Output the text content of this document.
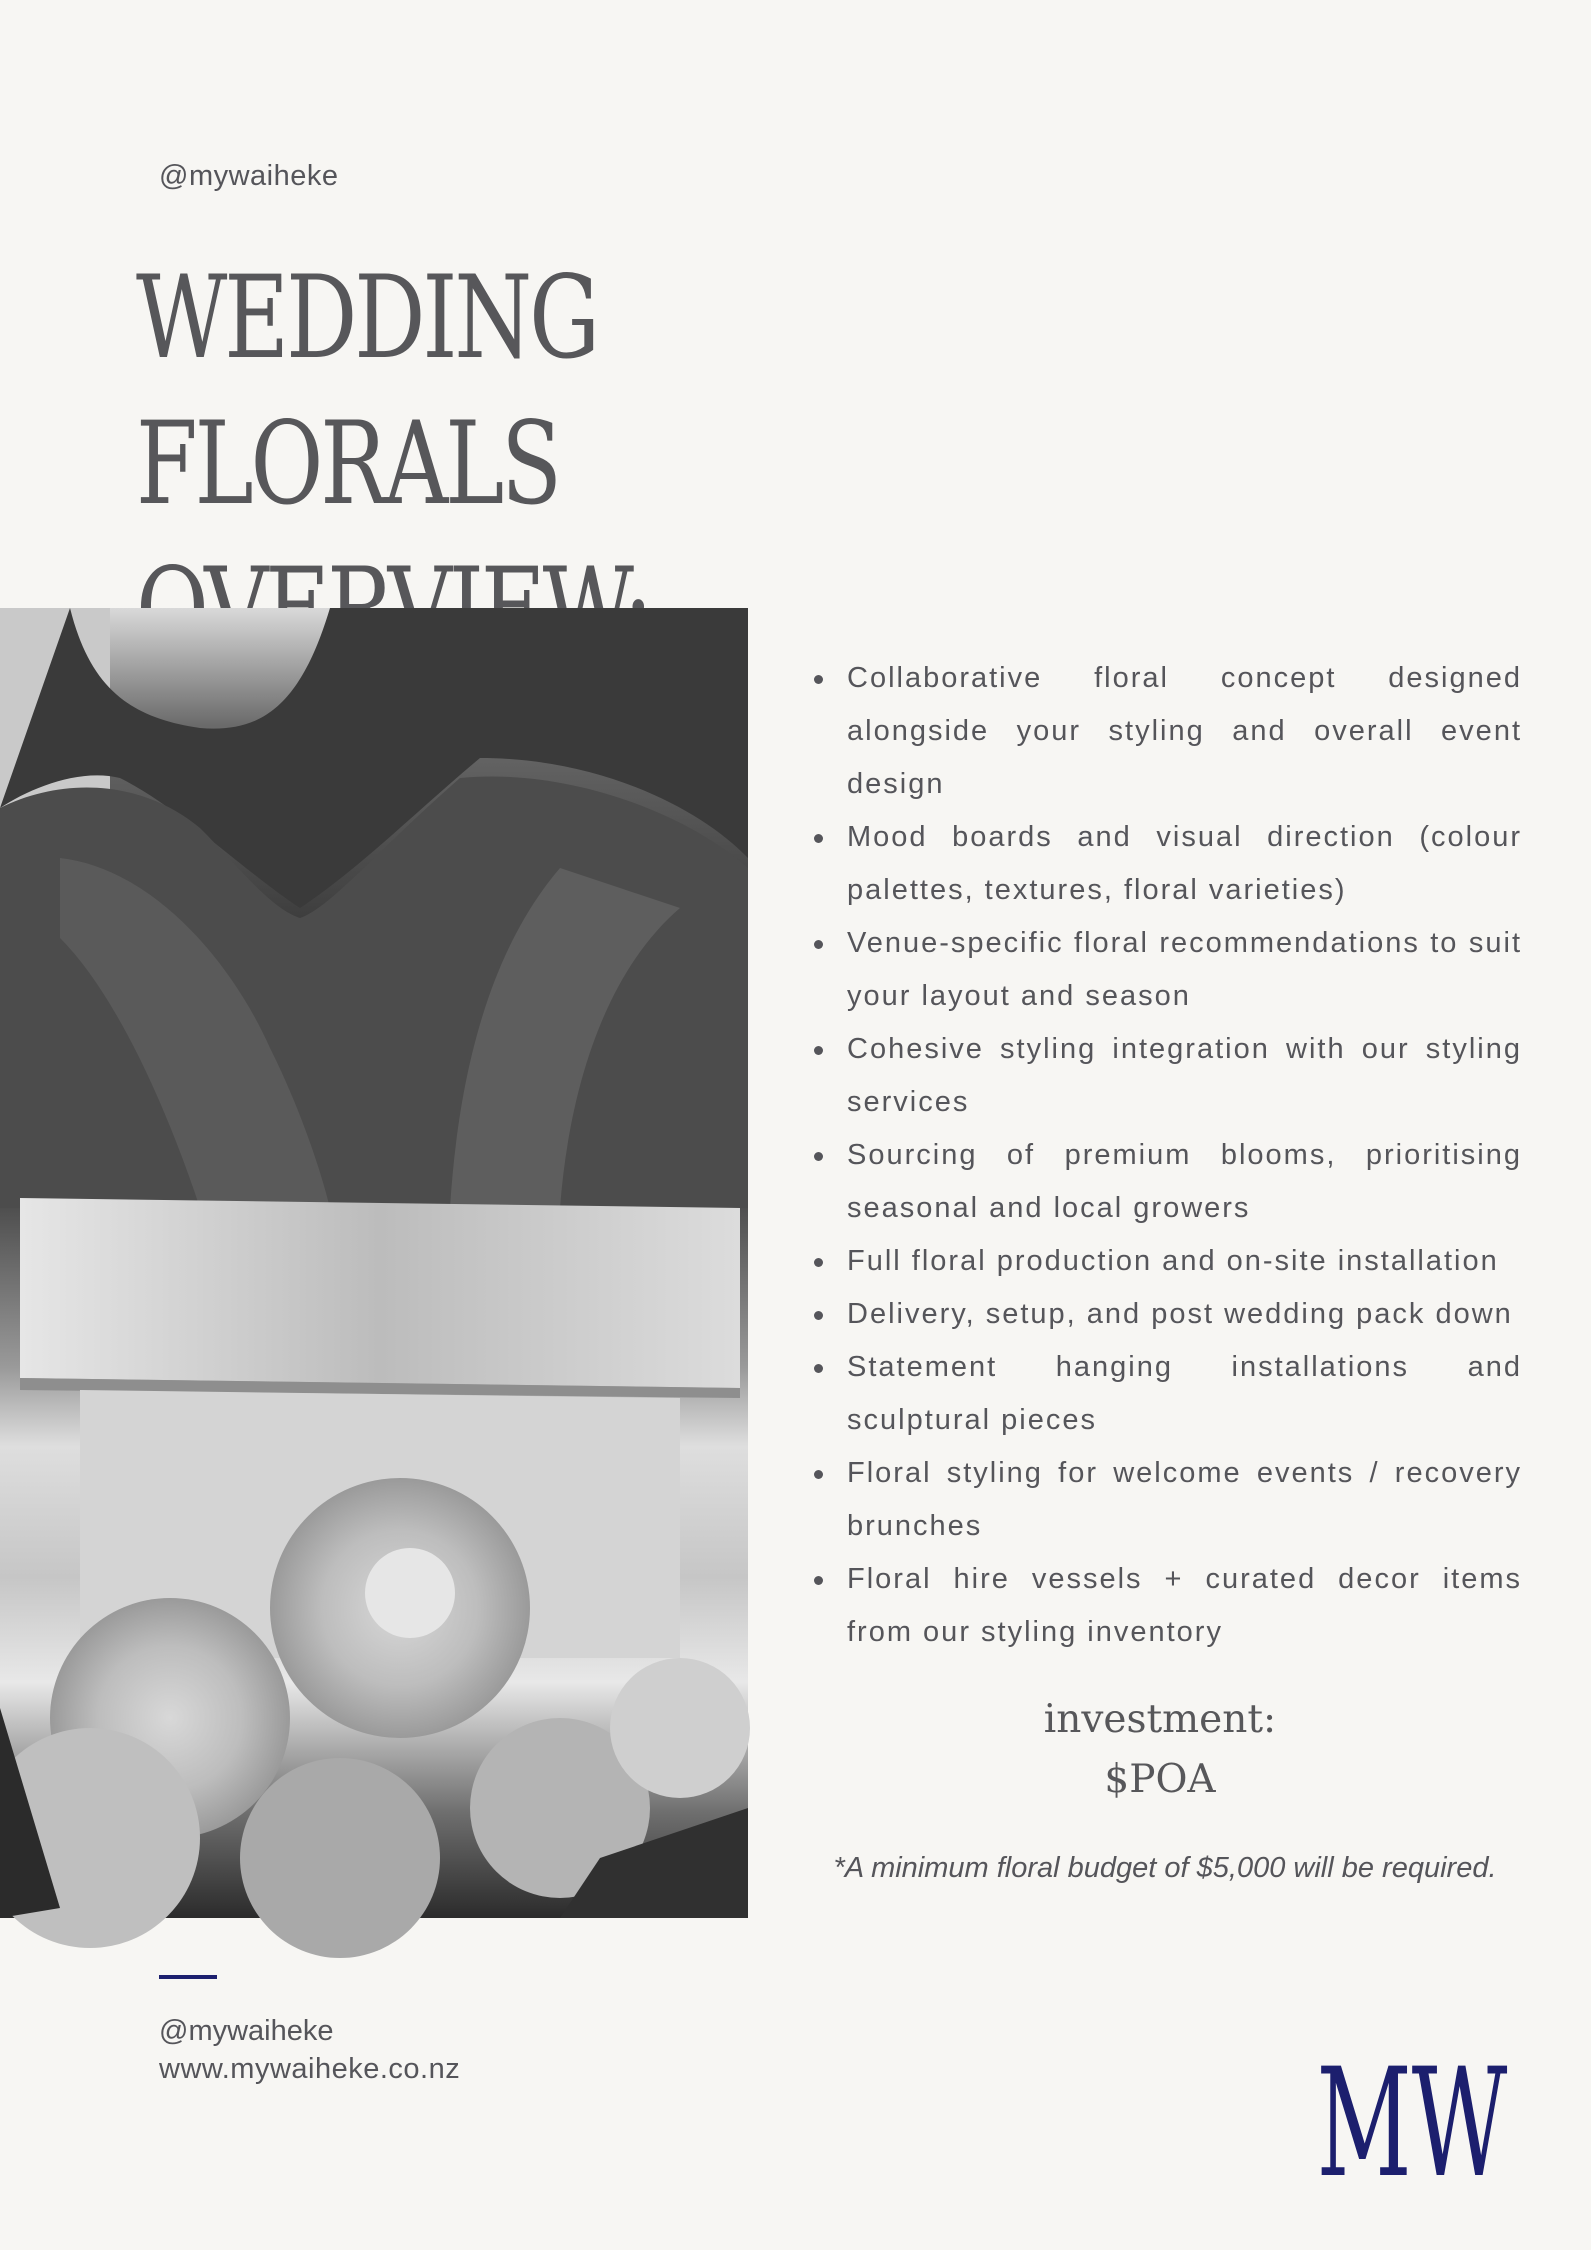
@mywaiheke
WEDDING FLORALS
Collaborative floral concept designed alongside your styling and overall event design
Mood boards and visual direction (colour palettes, textures, floral varieties)
Venue-specific floral recommendations to suit your layout and season
Cohesive styling integration with our styling services
Sourcing of premium blooms, prioritising seasonal and local growers
Full floral production and on-site installation
Delivery, setup, and post wedding pack down
Statement hanging installations and sculptural pieces
Floral styling for welcome events / recovery brunches
Floral hire vessels + curated decor items from our styling inventory
investment:
$POA
*A minimum floral budget of $5,000 will be required.
@mywaiheke
www.mywaiheke.co.nz	MW
